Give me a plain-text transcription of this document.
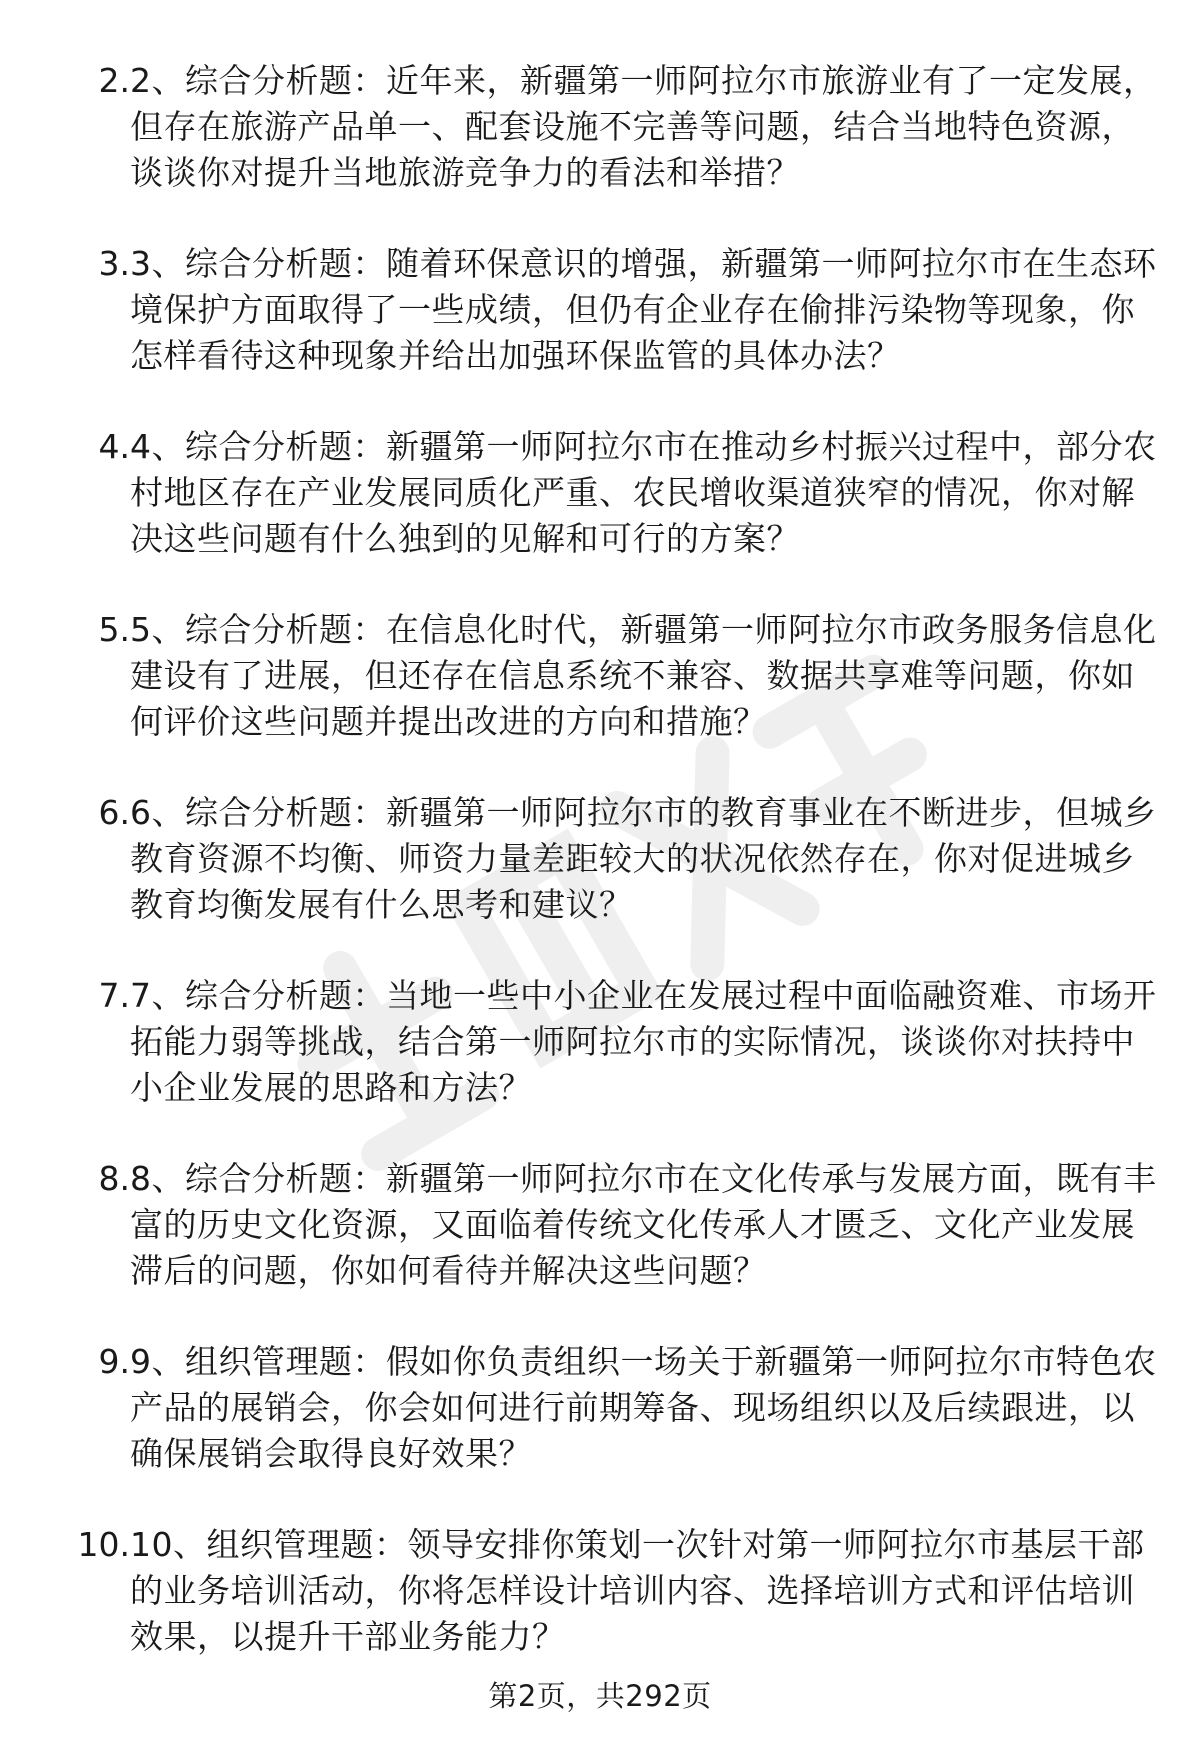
2. 2、综合分析题：近年来，新疆第一师阿拉尔市旅游业有了一定发展，但存在旅游产品单一、配套设施不完善等问题，结合当地特色资源，谈谈你对提升当地旅游竞争力的看法和举措？
3. 3、综合分析题：随着环保意识的增强，新疆第一师阿拉尔市在生态环境保护方面取得了一些成绩，但仍有企业存在偷排污染物等现象，你怎样看待这种现象并给出加强环保监管的具体办法？
4. 4、综合分析题：新疆第一师阿拉尔市在推动乡村振兴过程中，部分农村地区存在产业发展同质化严重、农民增收渠道狭窄的情况，你对解决这些问题有什么独到的见解和可行的方案？
5. 5、综合分析题：在信息化时代，新疆第一师阿拉尔市政务服务信息化建设有了进展，但还存在信息系统不兼容、数据共享难等问题，你如何评价这些问题并提出改进的方向和措施？
6. 6、综合分析题：新疆第一师阿拉尔市的教育事业在不断进步，但城乡教育资源不均衡、师资力量差距较大的状况依然存在，你对促进城乡教育均衡发展有什么思考和建议？
7. 7、综合分析题：当地一些中小企业在发展过程中面临融资难、市场开拓能力弱等挑战，结合第一师阿拉尔市的实际情况，谈谈你对扶持中小企业发展的思路和方法？
8. 8、综合分析题：新疆第一师阿拉尔市在文化传承与发展方面，既有丰富的历史文化资源，又面临着传统文化传承人才匮乏、文化产业发展滞后的问题，你如何看待并解决这些问题？
9. 9、组织管理题：假如你负责组织一场关于新疆第一师阿拉尔市特色农产品的展销会，你会如何进行前期筹备、现场组织以及后续跟进，以确保展销会取得良好效果？
10. 10、组织管理题：领导安排你策划一次针对第一师阿拉尔市基层干部的业务培训活动，你将怎样设计培训内容、选择培训方式和评估培训效果，以提升干部业务能力？
第2页，共292页
